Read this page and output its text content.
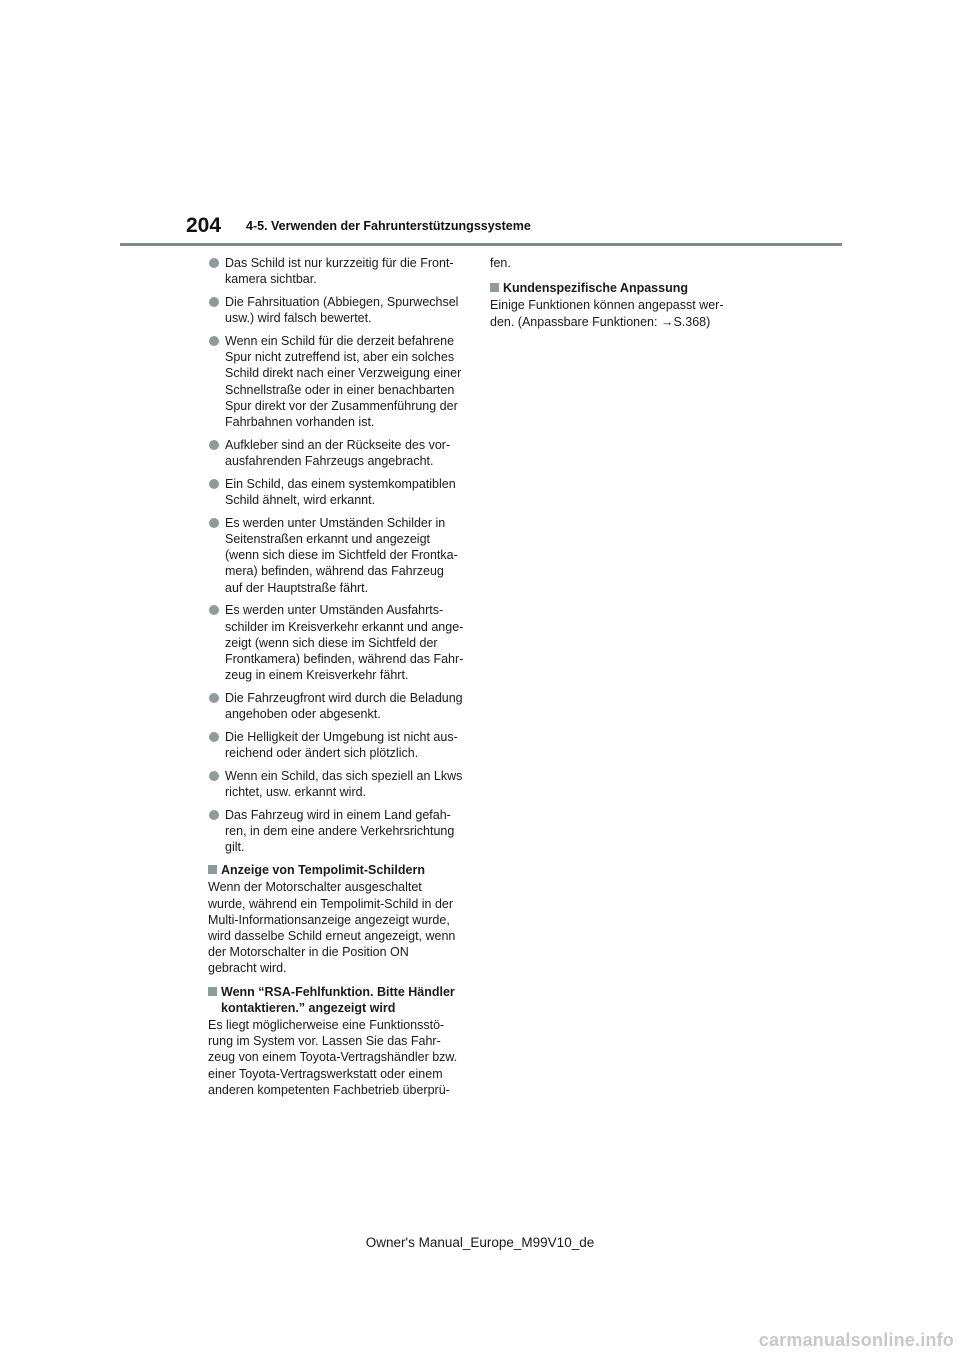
204 4-5. Verwenden der Fahrunterstützungssysteme
Das Schild ist nur kurzzeitig für die Front-
kamera sichtbar.
Die Fahrsituation (Abbiegen, Spurwechsel
usw.) wird falsch bewertet.
Wenn ein Schild für die derzeit befahrene
Spur nicht zutreffend ist, aber ein solches
Schild direkt nach einer Verzweigung einer
Schnellstraße oder in einer benachbarten
Spur direkt vor der Zusammenführung der
Fahrbahnen vorhanden ist.
Aufkleber sind an der Rückseite des vor-
ausfahrenden Fahrzeugs angebracht.
Ein Schild, das einem systemkompatiblen
Schild ähnelt, wird erkannt.
Es werden unter Umständen Schilder in
Seitenstraßen erkannt und angezeigt
(wenn sich diese im Sichtfeld der Frontka-
mera) befinden, während das Fahrzeug
auf der Hauptstraße fährt.
Es werden unter Umständen Ausfahrts-
schilder im Kreisverkehr erkannt und ange-
zeigt (wenn sich diese im Sichtfeld der
Frontkamera) befinden, während das Fahr-
zeug in einem Kreisverkehr fährt.
Die Fahrzeugfront wird durch die Beladung
angehoben oder abgesenkt.
Die Helligkeit der Umgebung ist nicht aus-
reichend oder ändert sich plötzlich.
Wenn ein Schild, das sich speziell an Lkws
richtet, usw. erkannt wird.
Das Fahrzeug wird in einem Land gefah-
ren, in dem eine andere Verkehrsrichtung
gilt.
Anzeige von Tempolimit-Schildern
Wenn der Motorschalter ausgeschaltet
wurde, während ein Tempolimit-Schild in der
Multi-Informationsanzeige angezeigt wurde,
wird dasselbe Schild erneut angezeigt, wenn
der Motorschalter in die Position ON
gebracht wird.
Wenn “RSA-Fehlfunktion. Bitte Händler
kontaktieren.” angezeigt wird
Es liegt möglicherweise eine Funktionsstö-
rung im System vor. Lassen Sie das Fahr-
zeug von einem Toyota-Vertragshändler bzw.
einer Toyota-Vertragswerkstatt oder einem
anderen kompetenten Fachbetrieb überprü-
fen.
Kundenspezifische Anpassung
Einige Funktionen können angepasst wer-
den. (Anpassbare Funktionen: →S.368)
Owner's Manual_Europe_M99V10_de
carmanualsonline.info
